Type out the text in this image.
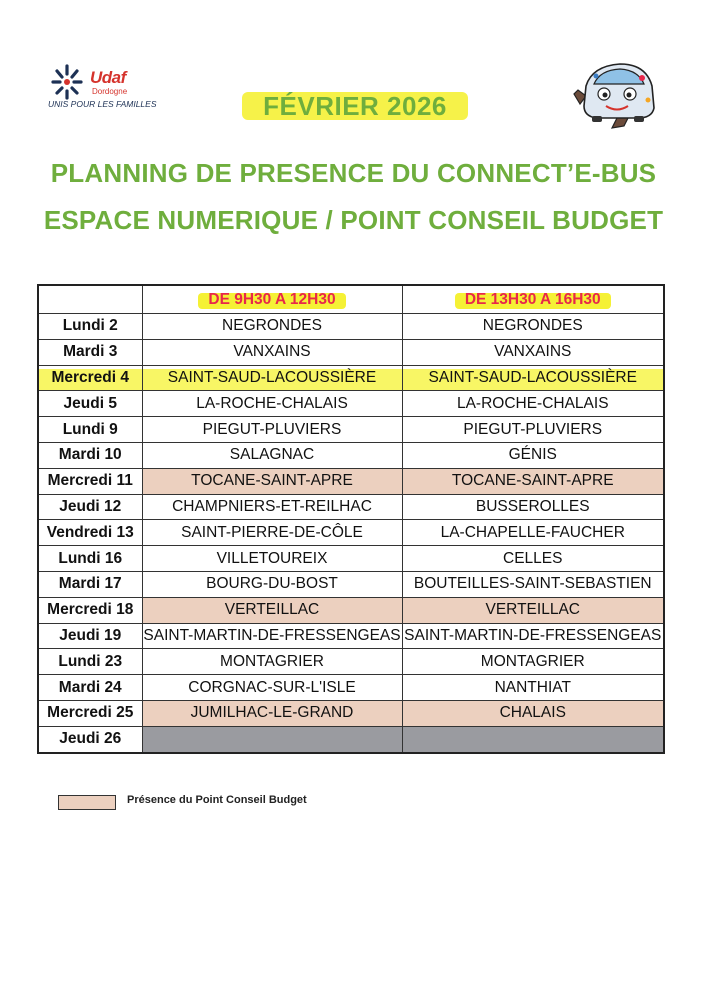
Udaf
Dordogne
UNIS POUR LES FAMILLES	FÉVRIER 2026
PLANNING DE PRESENCE DU CONNECT’E-BUS
ESPACE NUMERIQUE / POINT CONSEIL BUDGET

DE 9H30 A 12H30	DE 13H30 A 16H30
Lundi 2	NEGRONDES	NEGRONDES
Mardi 3	VANXAINS	VANXAINS
Mercredi 4	SAINT-SAUD-LACOUSSIÈRE	SAINT-SAUD-LACOUSSIÈRE
Jeudi 5	LA-ROCHE-CHALAIS	LA-ROCHE-CHALAIS
Lundi 9	PIEGUT-PLUVIERS	PIEGUT-PLUVIERS
Mardi 10	SALAGNAC	GÉNIS
Mercredi 11	TOCANE-SAINT-APRE	TOCANE-SAINT-APRE
Jeudi 12	CHAMPNIERS-ET-REILHAC	BUSSEROLLES
Vendredi 13	SAINT-PIERRE-DE-CÔLE	LA-CHAPELLE-FAUCHER
Lundi 16	VILLETOUREIX	CELLES
Mardi 17	BOURG-DU-BOST	BOUTEILLES-SAINT-SEBASTIEN
Mercredi 18	VERTEILLAC	VERTEILLAC
Jeudi 19	SAINT-MARTIN-DE-FRESSENGEAS	SAINT-MARTIN-DE-FRESSENGEAS
Lundi 23	MONTAGRIER	MONTAGRIER
Mardi 24	CORGNAC-SUR-L'ISLE	NANTHIAT
Mercredi 25	JUMILHAC-LE-GRAND	CHALAIS
Jeudi 26		
Présence du Point Conseil Budget
